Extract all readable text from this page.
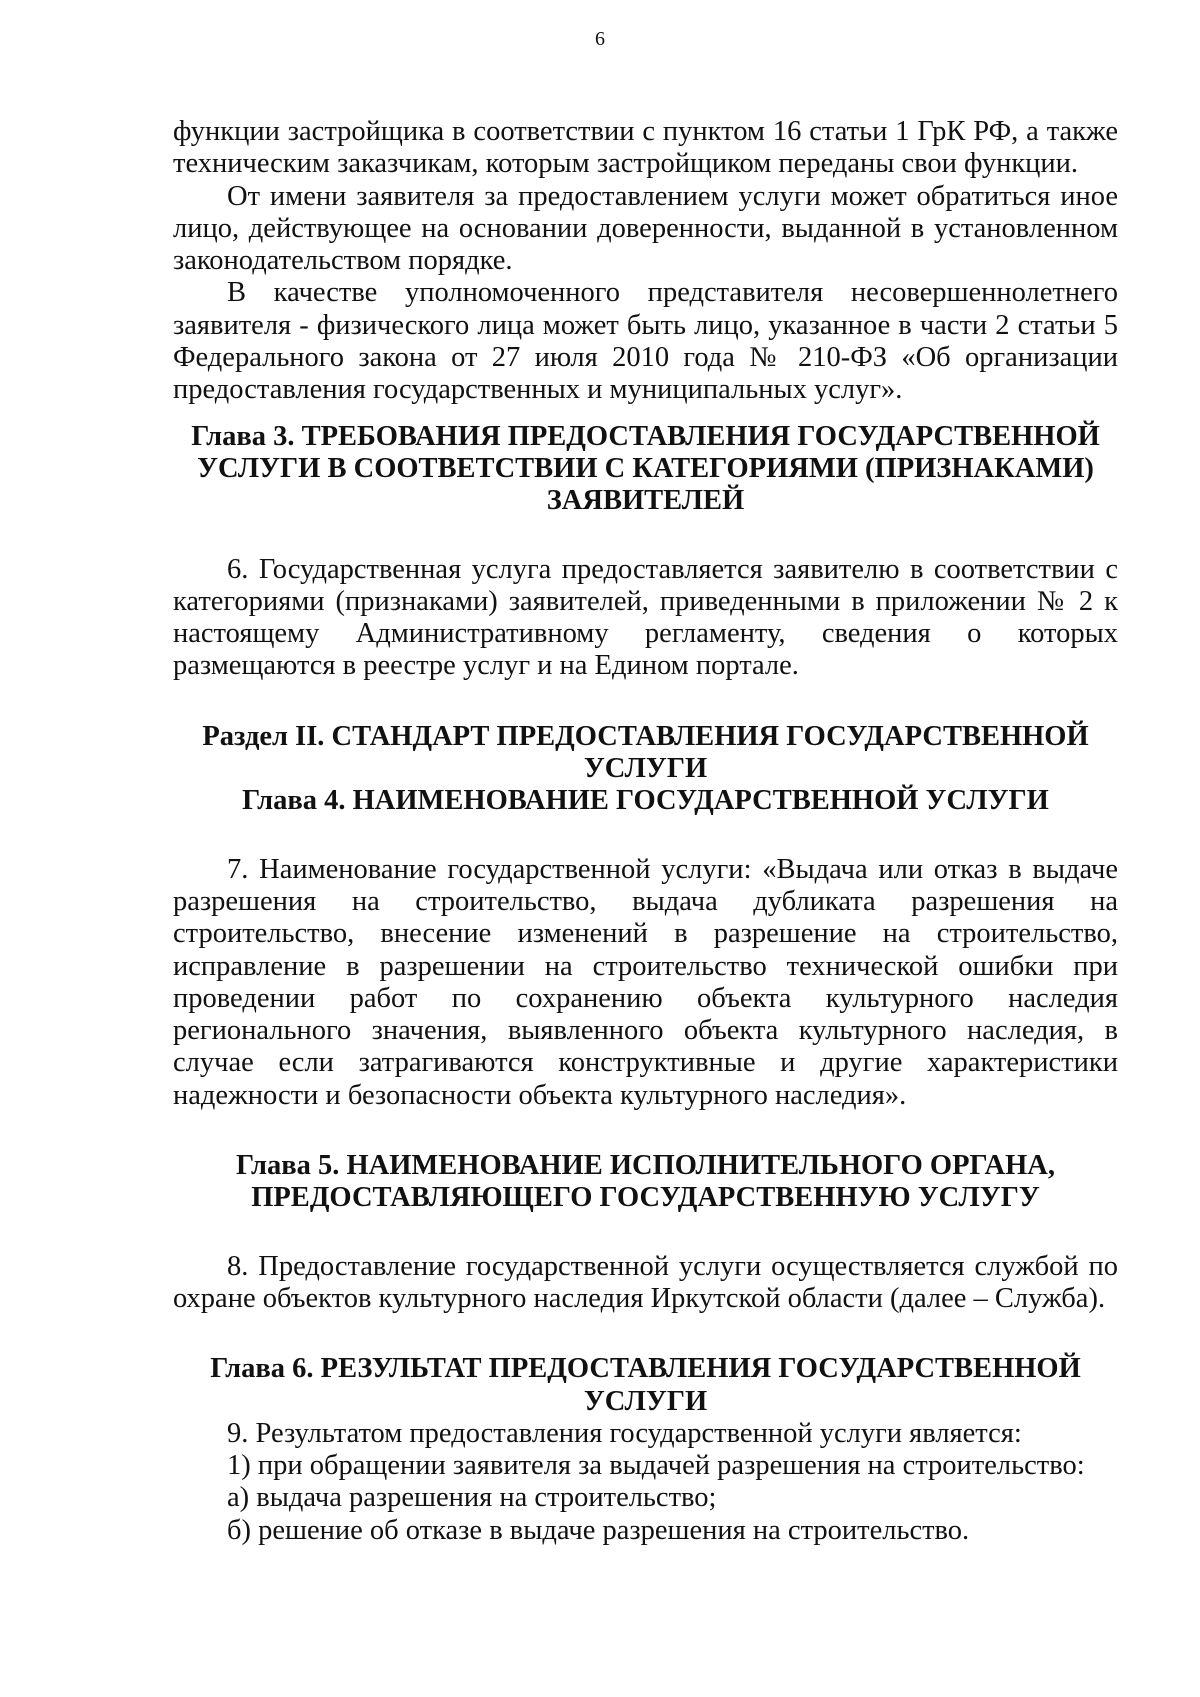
6

функции застройщика в соответствии с пунктом 16 статьи 1 ГрК РФ, а также техническим заказчикам, которым застройщиком переданы свои функции.

От имени заявителя за предоставлением услуги может обратиться иное лицо, действующее на основании доверенности, выданной в установленном законодательством порядке.

В качестве уполномоченного представителя несовершеннолетнего заявителя - физического лица может быть лицо, указанное в части 2 статьи 5 Федерального закона от 27 июля 2010 года № 210-ФЗ «Об организации предоставления государственных и муниципальных услуг».

Глава 3. ТРЕБОВАНИЯ ПРЕДОСТАВЛЕНИЯ ГОСУДАРСТВЕННОЙ
УСЛУГИ В СООТВЕТСТВИИ С КАТЕГОРИЯМИ (ПРИЗНАКАМИ)
ЗАЯВИТЕЛЕЙ

6. Государственная услуга предоставляется заявителю в соответствии с категориями (признаками) заявителей, приведенными в приложении № 2 к настоящему Административному регламенту, сведения о которых размещаются в реестре услуг и на Едином портале.

Раздел II. СТАНДАРТ ПРЕДОСТАВЛЕНИЯ ГОСУДАРСТВЕННОЙ
УСЛУГИ
Глава 4. НАИМЕНОВАНИЕ ГОСУДАРСТВЕННОЙ УСЛУГИ

7. Наименование государственной услуги: «Выдача или отказ в выдаче разрешения на строительство, выдача дубликата разрешения на строительство, внесение изменений в разрешение на строительство, исправление в разрешении на строительство технической ошибки при проведении работ по сохранению объекта культурного наследия регионального значения, выявленного объекта культурного наследия, в случае если затрагиваются конструктивные и другие характеристики надежности и безопасности объекта культурного наследия».

Глава 5. НАИМЕНОВАНИЕ ИСПОЛНИТЕЛЬНОГО ОРГАНА,
ПРЕДОСТАВЛЯЮЩЕГО ГОСУДАРСТВЕННУЮ УСЛУГУ

8. Предоставление государственной услуги осуществляется службой по охране объектов культурного наследия Иркутской области (далее – Служба).

Глава 6. РЕЗУЛЬТАТ ПРЕДОСТАВЛЕНИЯ ГОСУДАРСТВЕННОЙ
УСЛУГИ

9. Результатом предоставления государственной услуги является:

1) при обращении заявителя за выдачей разрешения на строительство:

а) выдача разрешения на строительство;

б) решение об отказе в выдаче разрешения на строительство.
